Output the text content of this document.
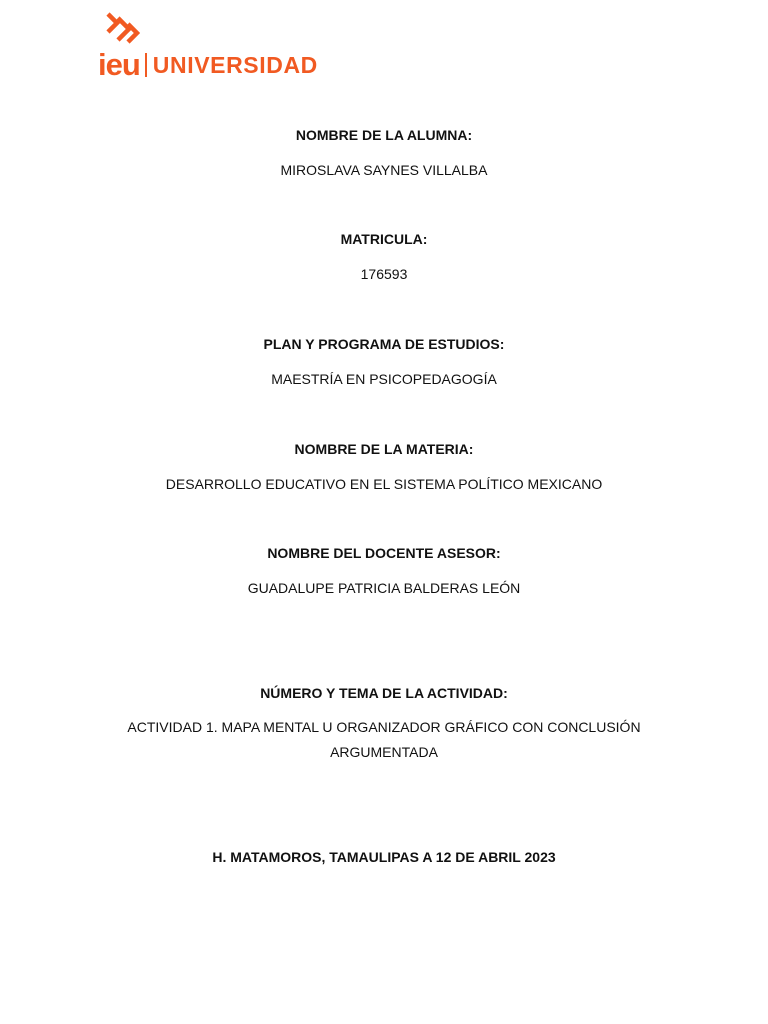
ieu UNIVERSIDAD
NOMBRE DE LA ALUMNA:
MIROSLAVA SAYNES VILLALBA
MATRICULA:
176593
PLAN Y PROGRAMA DE ESTUDIOS:
MAESTRÍA EN PSICOPEDAGOGÍA
NOMBRE DE LA MATERIA:
DESARROLLO EDUCATIVO EN EL SISTEMA POLÍTICO MEXICANO
NOMBRE DEL DOCENTE ASESOR:
GUADALUPE PATRICIA BALDERAS LEÓN
NÚMERO Y TEMA DE LA ACTIVIDAD:
ACTIVIDAD 1. MAPA MENTAL U ORGANIZADOR GRÁFICO CON CONCLUSIÓN
ARGUMENTADA
H. MATAMOROS, TAMAULIPAS A 12 DE ABRIL 2023
